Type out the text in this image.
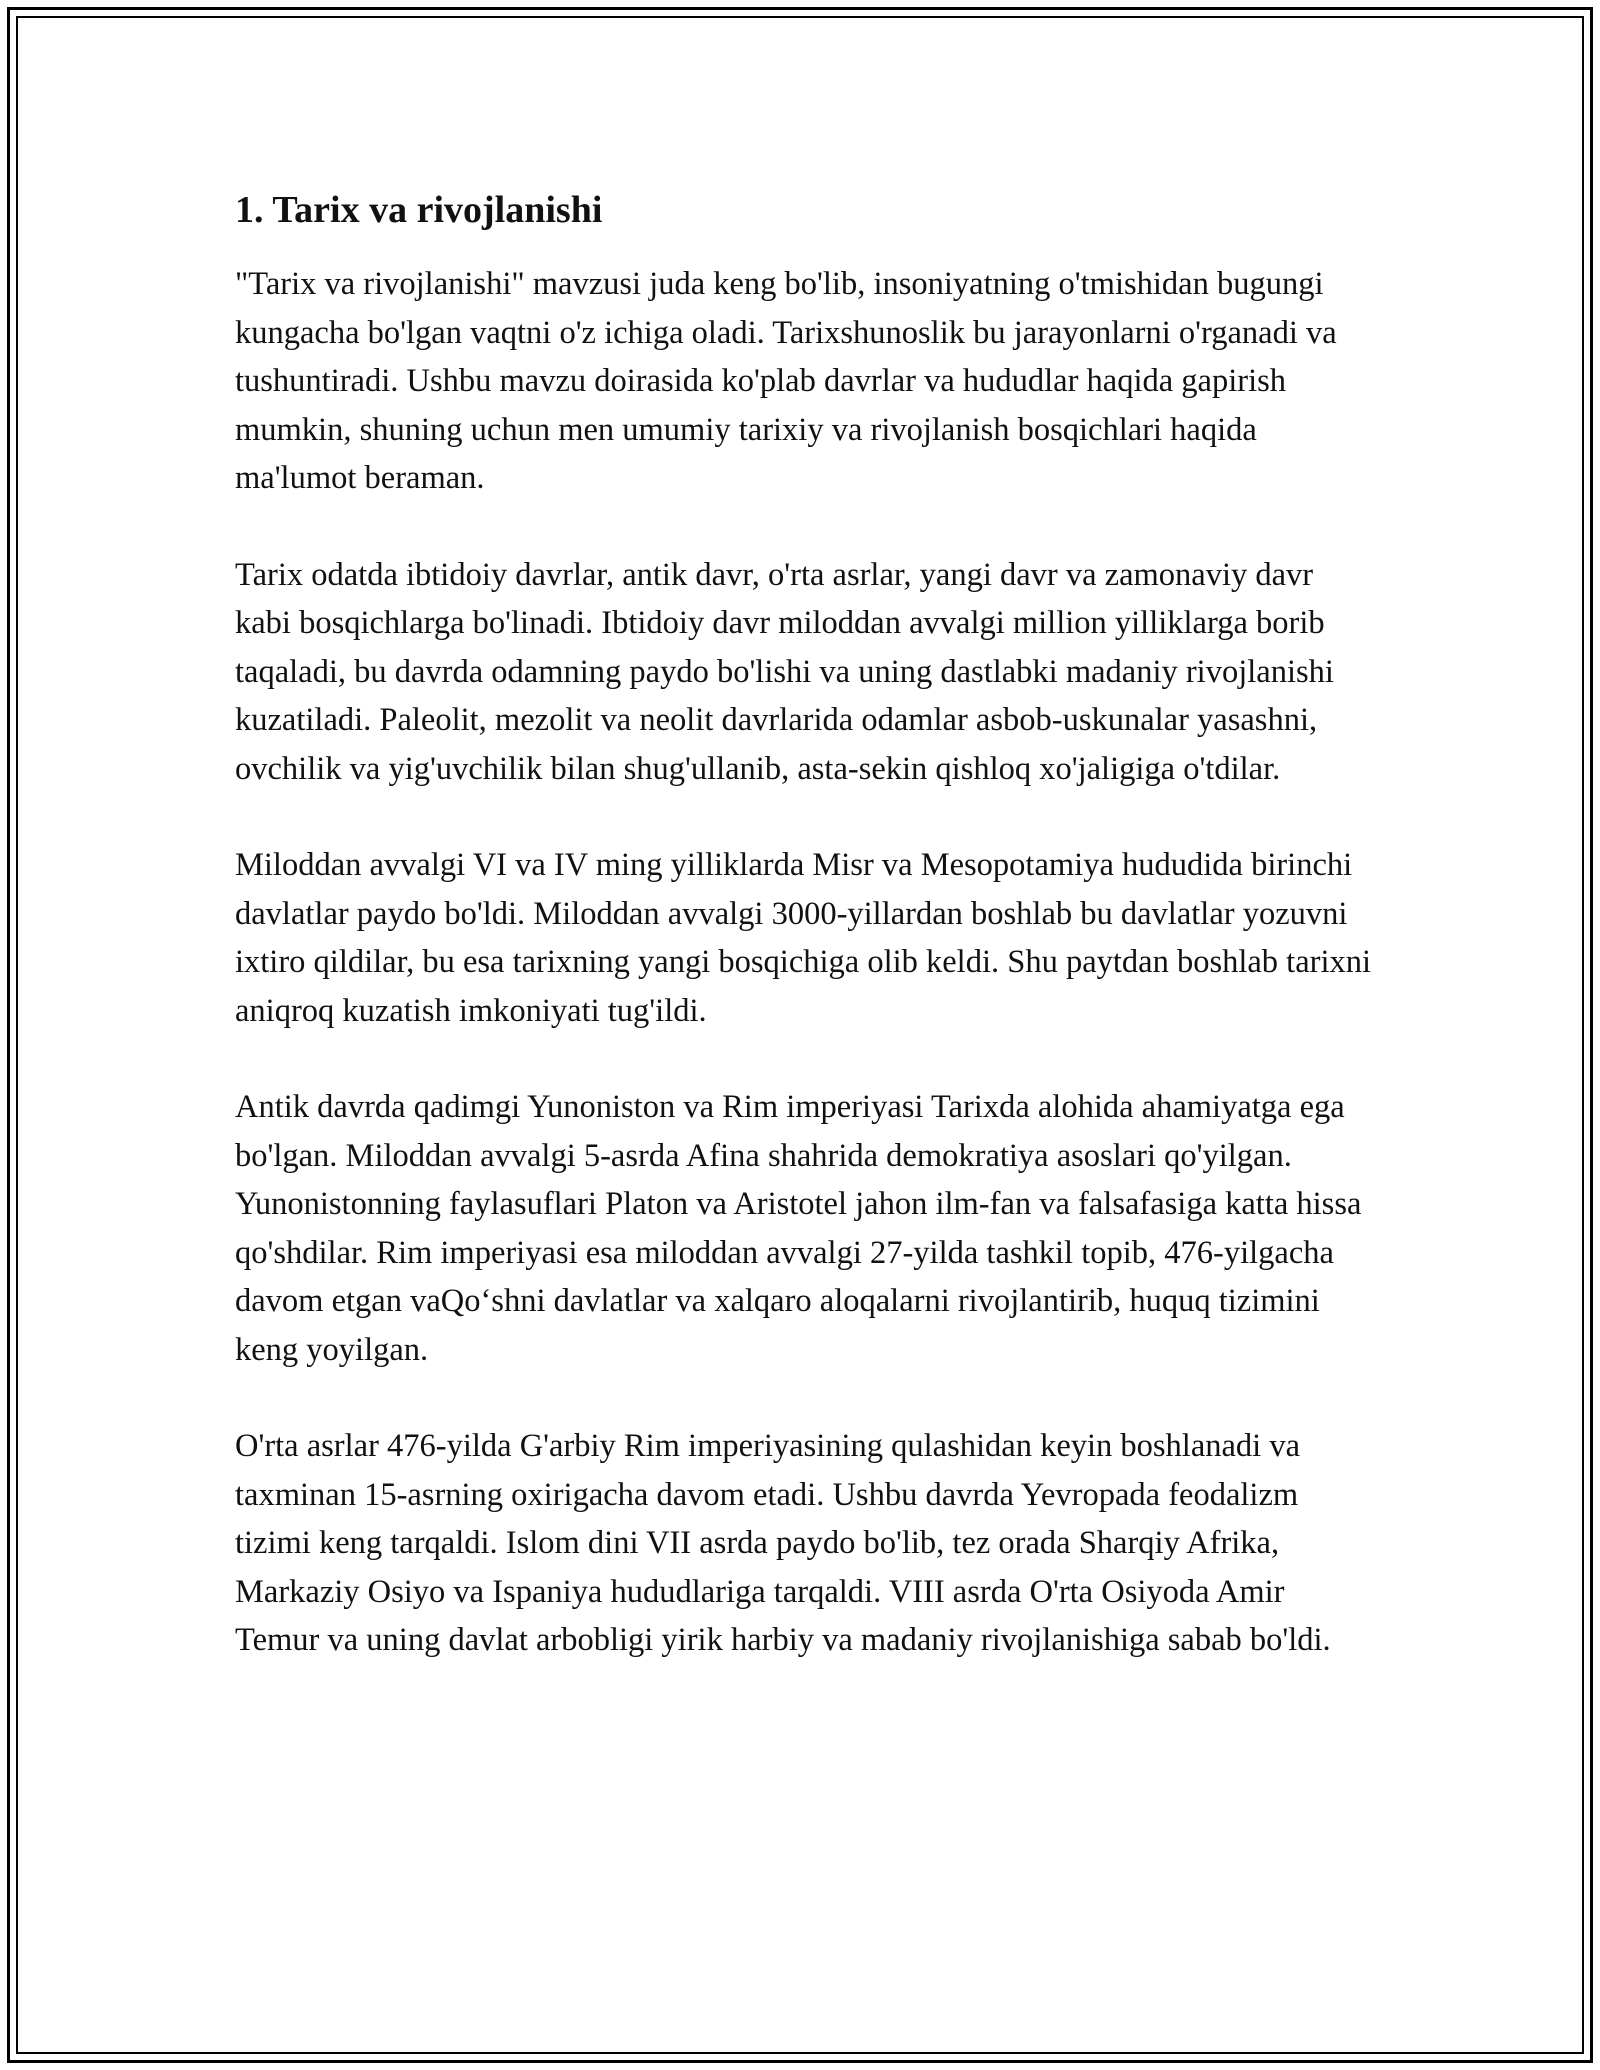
1. Tarix va rivojlanishi

"Tarix va rivojlanishi" mavzusi juda keng bo'lib, insoniyatning o'tmishidan bugungi kungacha bo'lgan vaqtni o'z ichiga oladi. Tarixshunoslik bu jarayonlarni o'rganadi va tushuntiradi. Ushbu mavzu doirasida ko'plab davrlar va hududlar haqida gapirish mumkin, shuning uchun men umumiy tarixiy va rivojlanish bosqichlari haqida ma'lumot beraman.

Tarix odatda ibtidoiy davrlar, antik davr, o'rta asrlar, yangi davr va zamonaviy davr kabi bosqichlarga bo'linadi. Ibtidoiy davr miloddan avvalgi million yilliklarga borib taqaladi, bu davrda odamning paydo bo'lishi va uning dastlabki madaniy rivojlanishi kuzatiladi. Paleolit, mezolit va neolit davrlarida odamlar asbob-uskunalar yasashni, ovchilik va yig'uvchilik bilan shug'ullanib, asta-sekin qishloq xo'jaligiga o'tdilar.

Miloddan avvalgi VI va IV ming yilliklarda Misr va Mesopotamiya hududida birinchi davlatlar paydo bo'ldi. Miloddan avvalgi 3000-yillardan boshlab bu davlatlar yozuvni ixtiro qildilar, bu esa tarixning yangi bosqichiga olib keldi. Shu paytdan boshlab tarixni aniqroq kuzatish imkoniyati tug'ildi.

Antik davrda qadimgi Yunoniston va Rim imperiyasi Tarixda alohida ahamiyatga ega bo'lgan. Miloddan avvalgi 5-asrda Afina shahrida demokratiya asoslari qo'yilgan. Yunonistonning faylasuflari Platon va Aristotel jahon ilm-fan va falsafasiga katta hissa qo'shdilar. Rim imperiyasi esa miloddan avvalgi 27-yilda tashkil topib, 476-yilgacha davom etgan vaQo‘shni davlatlar va xalqaro aloqalarni rivojlantirib, huquq tizimini keng yoyilgan.

O'rta asrlar 476-yilda G'arbiy Rim imperiyasining qulashidan keyin boshlanadi va taxminan 15-asrning oxirigacha davom etadi. Ushbu davrda Yevropada feodalizm tizimi keng tarqaldi. Islom dini VII asrda paydo bo'lib, tez orada Sharqiy Afrika, Markaziy Osiyo va Ispaniya hududlariga tarqaldi. VIII asrda O'rta Osiyoda Amir Temur va uning davlat arbobligi yirik harbiy va madaniy rivojlanishiga sabab bo'ldi.
